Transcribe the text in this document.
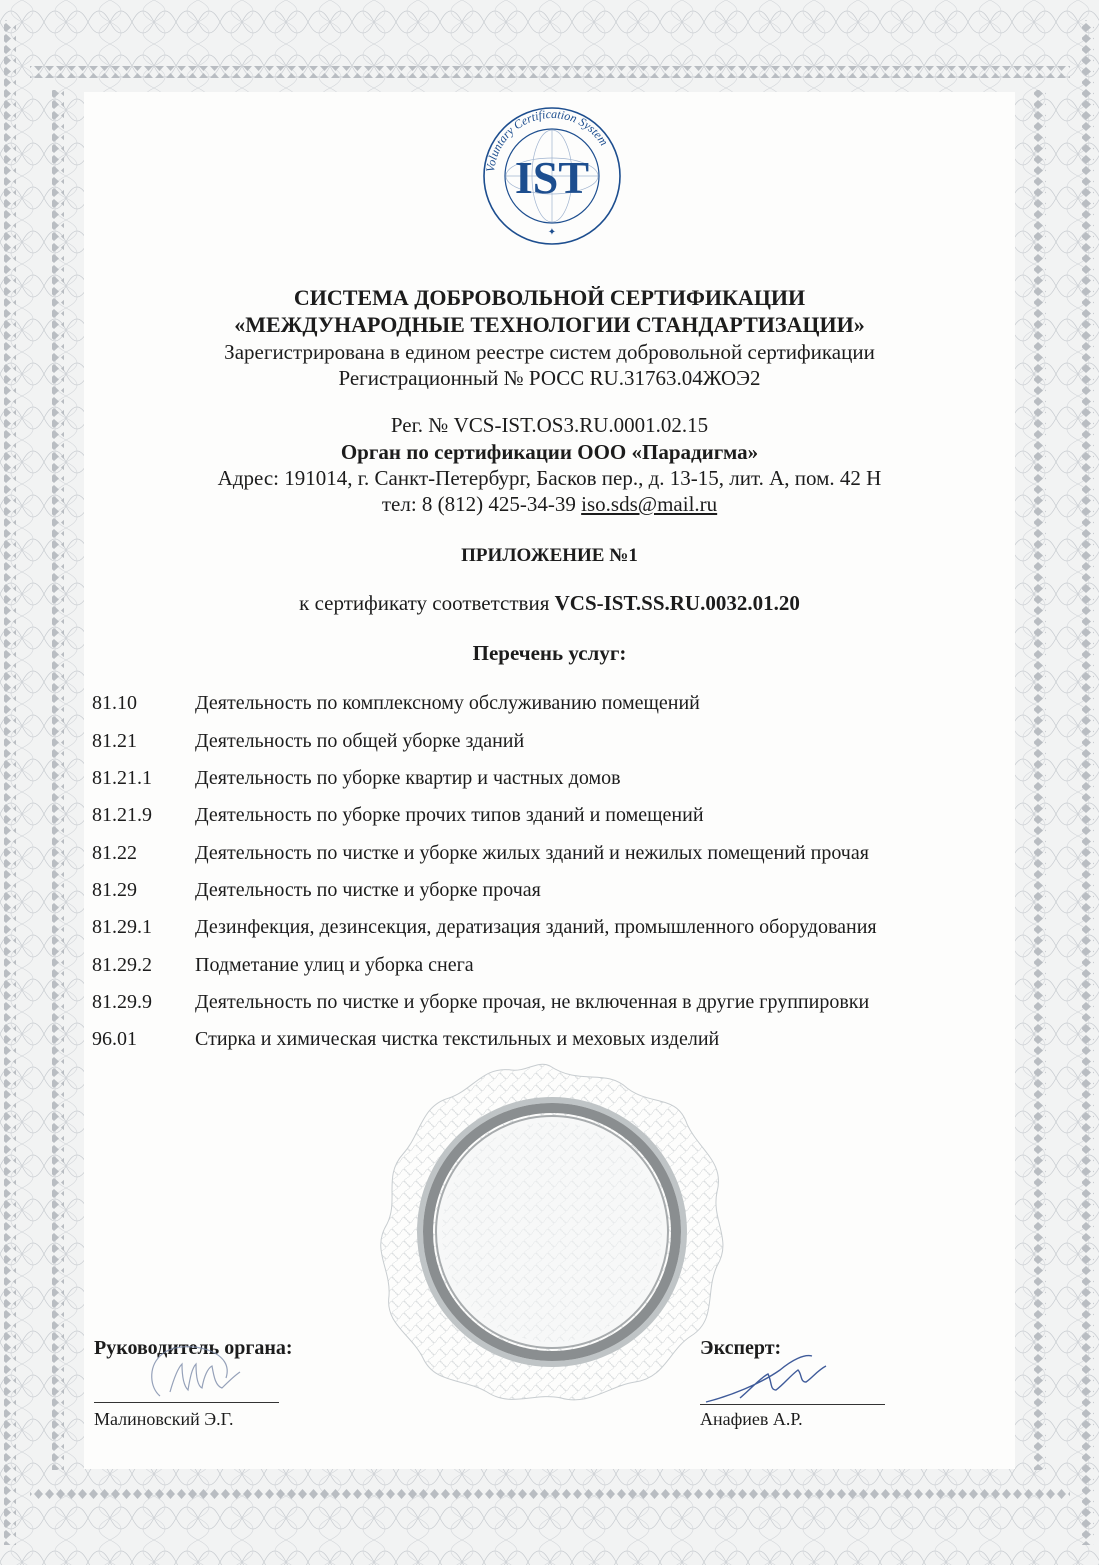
Voluntary Certification System
IST
✦
СИСТЕМА ДОБРОВОЛЬНОЙ СЕРТИФИКАЦИИ
«МЕЖДУНАРОДНЫЕ ТЕХНОЛОГИИ СТАНДАРТИЗАЦИИ»
Зарегистрирована в едином реестре систем добровольной сертификации
Регистрационный № РОСС RU.31763.04ЖОЭ2
Рег. № VCS-IST.OS3.RU.0001.02.15
Орган по сертификации ООО «Парадигма»
Адрес: 191014, г. Санкт-Петербург, Басков пер., д. 13-15, лит. А, пом. 42 Н
тел: 8 (812) 425-34-39 iso.sds@mail.ru
ПРИЛОЖЕНИЕ №1
к сертификату соответствия VCS-IST.SS.RU.0032.01.20
Перечень услуг:
81.10	Деятельность по комплексному обслуживанию помещений
81.21	Деятельность по общей уборке зданий
81.21.1	Деятельность по уборке квартир и частных домов
81.21.9	Деятельность по уборке прочих типов зданий и помещений
81.22	Деятельность по чистке и уборке жилых зданий и нежилых помещений прочая
81.29	Деятельность по чистке и уборке прочая
81.29.1	Дезинфекция, дезинсекция, дератизация зданий, промышленного оборудования
81.29.2	Подметание улиц и уборка снега
81.29.9	Деятельность по чистке и уборке прочая, не включенная в другие группировки
96.01	Стирка и химическая чистка текстильных и меховых изделий
Руководитель органа:
Малиновский Э.Г.
Эксперт:
Анафиев А.Р.
